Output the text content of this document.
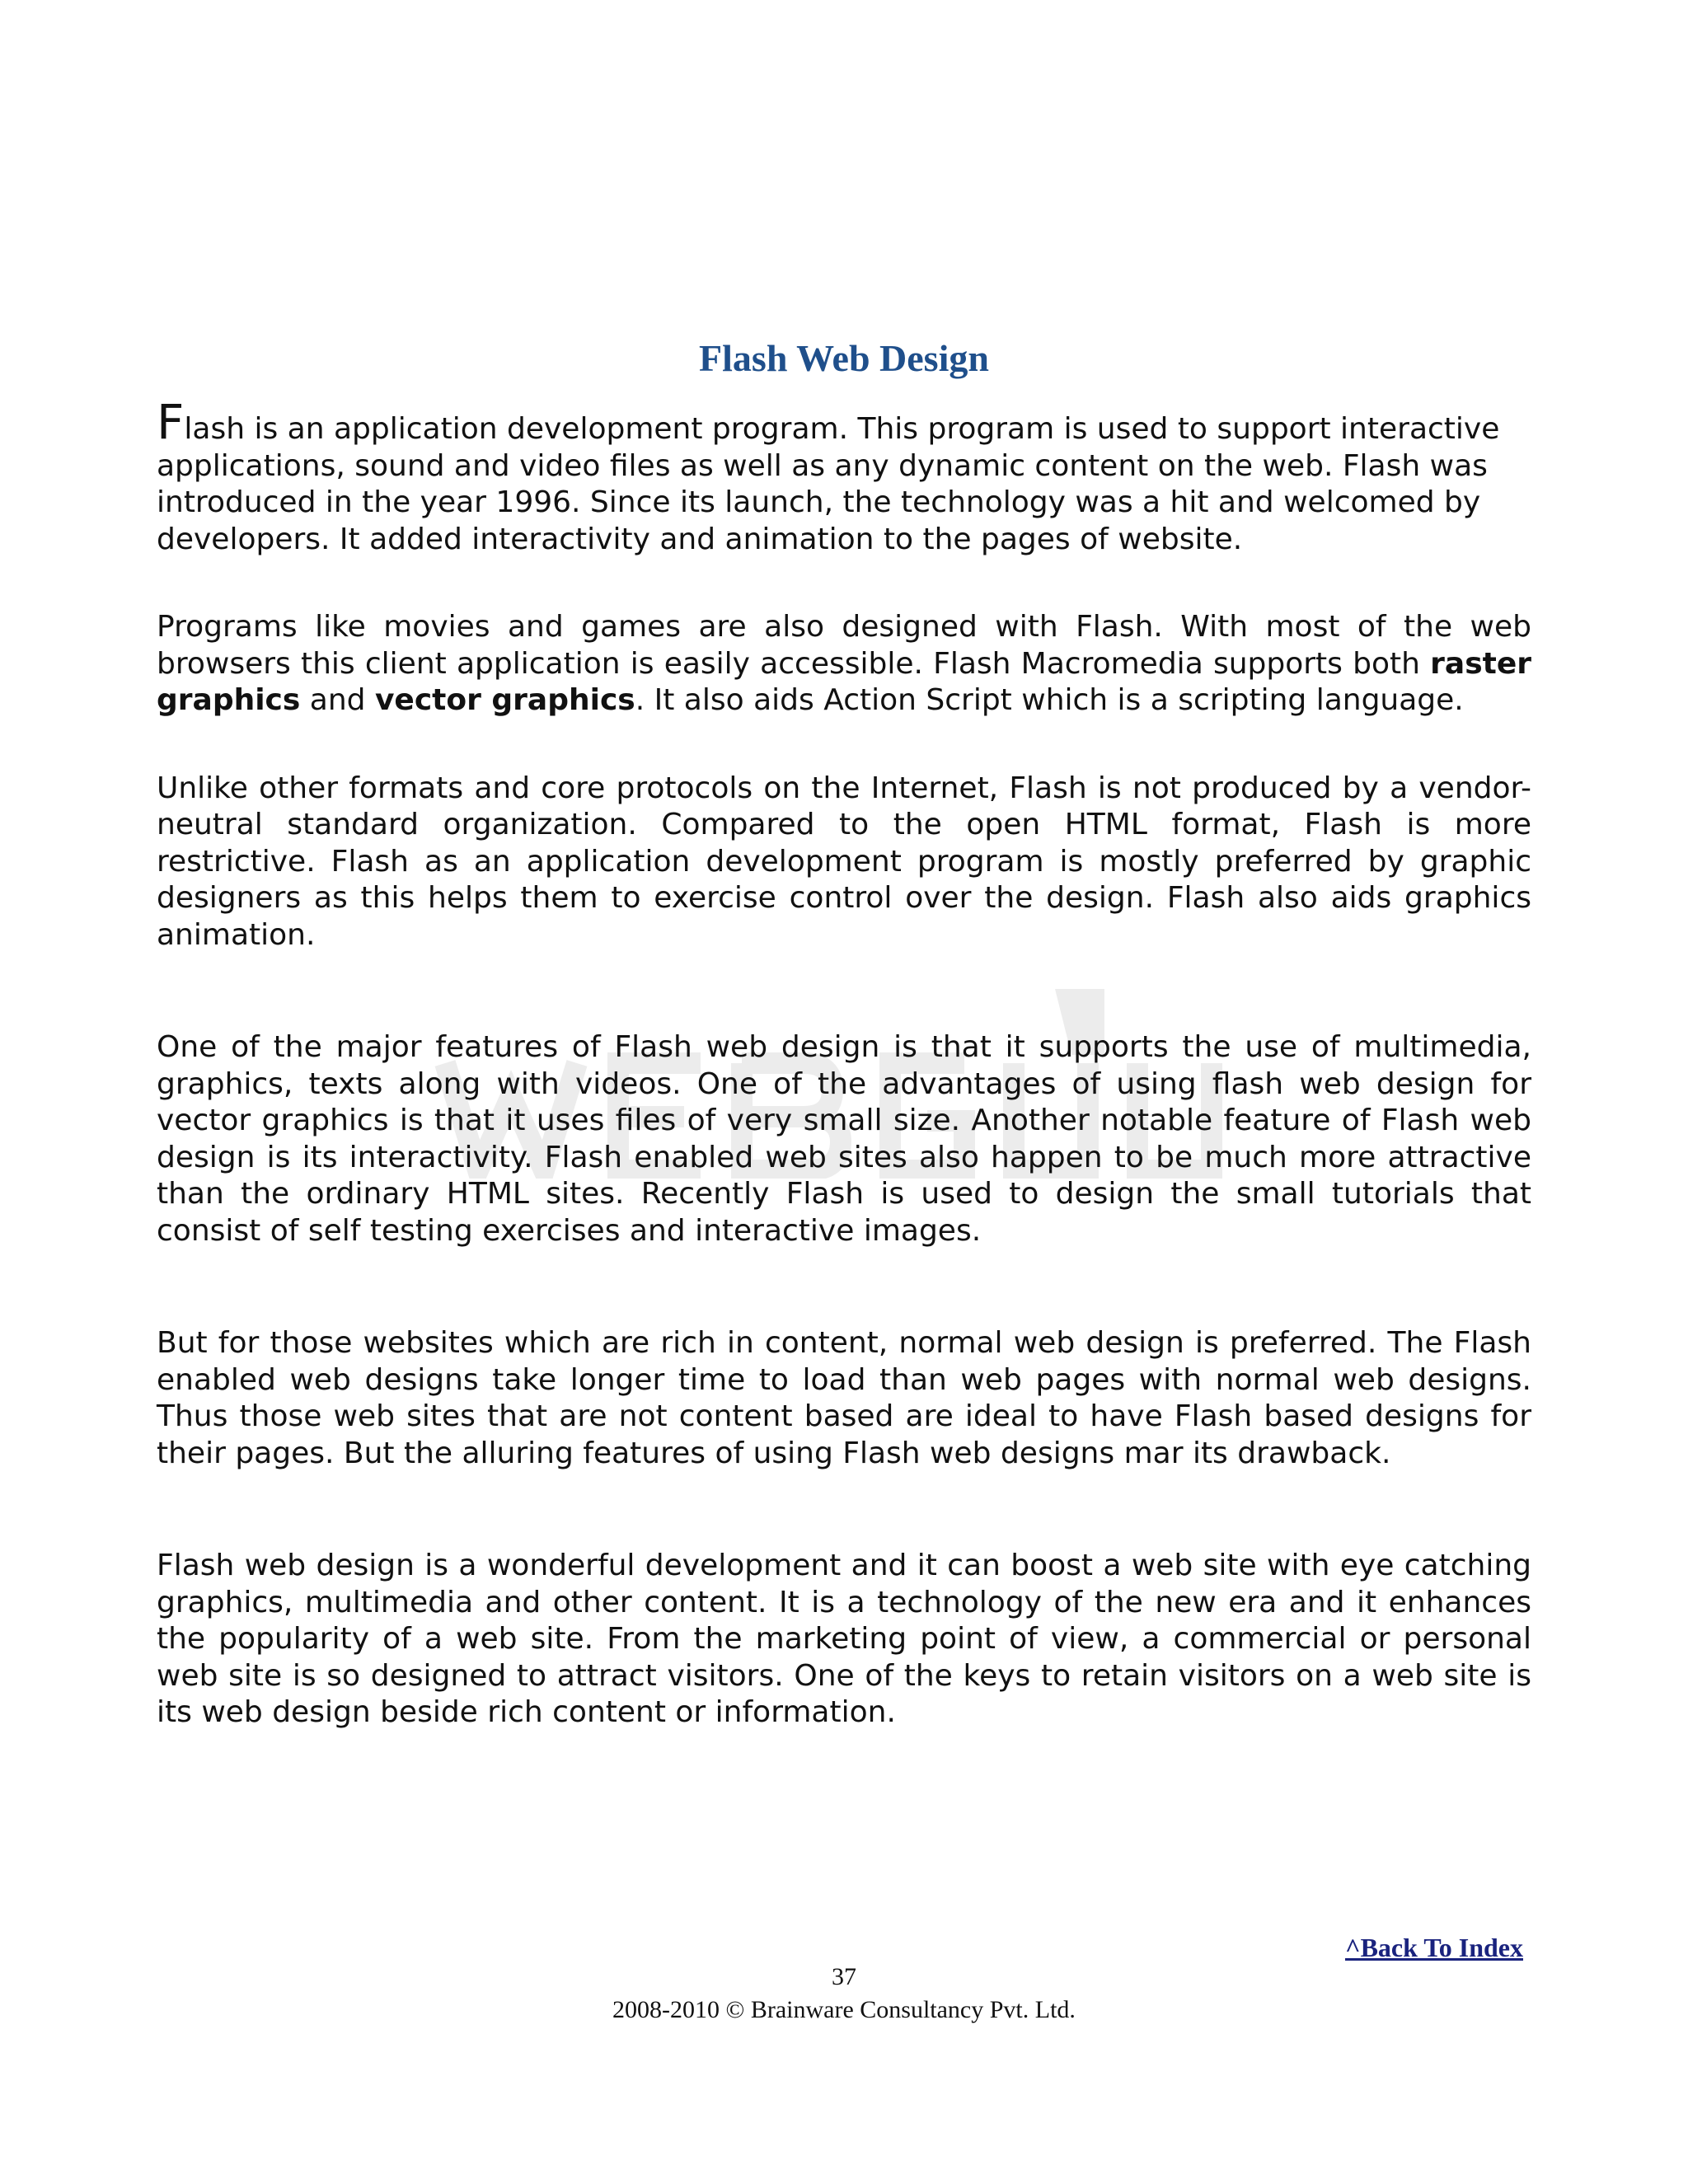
Flash Web Design

Flash is an application development program. This program is used to support interactive applications, sound and video files as well as any dynamic content on the web. Flash was introduced in the year 1996. Since its launch, the technology was a hit and welcomed by developers. It added interactivity and animation to the pages of website.

Programs like movies and games are also designed with Flash. With most of the web browsers this client application is easily accessible. Flash Macromedia supports both raster graphics and vector graphics. It also aids Action Script which is a scripting language.

Unlike other formats and core protocols on the Internet, Flash is not produced by a vendor-neutral standard organization. Compared to the open HTML format, Flash is more restrictive. Flash as an application development program is mostly preferred by graphic designers as this helps them to exercise control over the design. Flash also aids graphics animation.

One of the major features of Flash web design is that it supports the use of multimedia, graphics, texts along with videos. One of the advantages of using flash web design for vector graphics is that it uses files of very small size. Another notable feature of Flash web design is its interactivity. Flash enabled web sites also happen to be much more attractive than the ordinary HTML sites. Recently Flash is used to design the small tutorials that consist of self testing exercises and interactive images.

But for those websites which are rich in content, normal web design is preferred. The Flash enabled web designs take longer time to load than web pages with normal web designs. Thus those web sites that are not content based are ideal to have Flash based designs for their pages. But the alluring features of using Flash web designs mar its drawback.

Flash web design is a wonderful development and it can boost a web site with eye catching graphics, multimedia and other content. It is a technology of the new era and it enhances the popularity of a web site. From the marketing point of view, a commercial or personal web site is so designed to attract visitors. One of the keys to retain visitors on a web site is its web design beside rich content or information.

^Back To Index
37
2008-2010 © Brainware Consultancy Pvt. Ltd.
